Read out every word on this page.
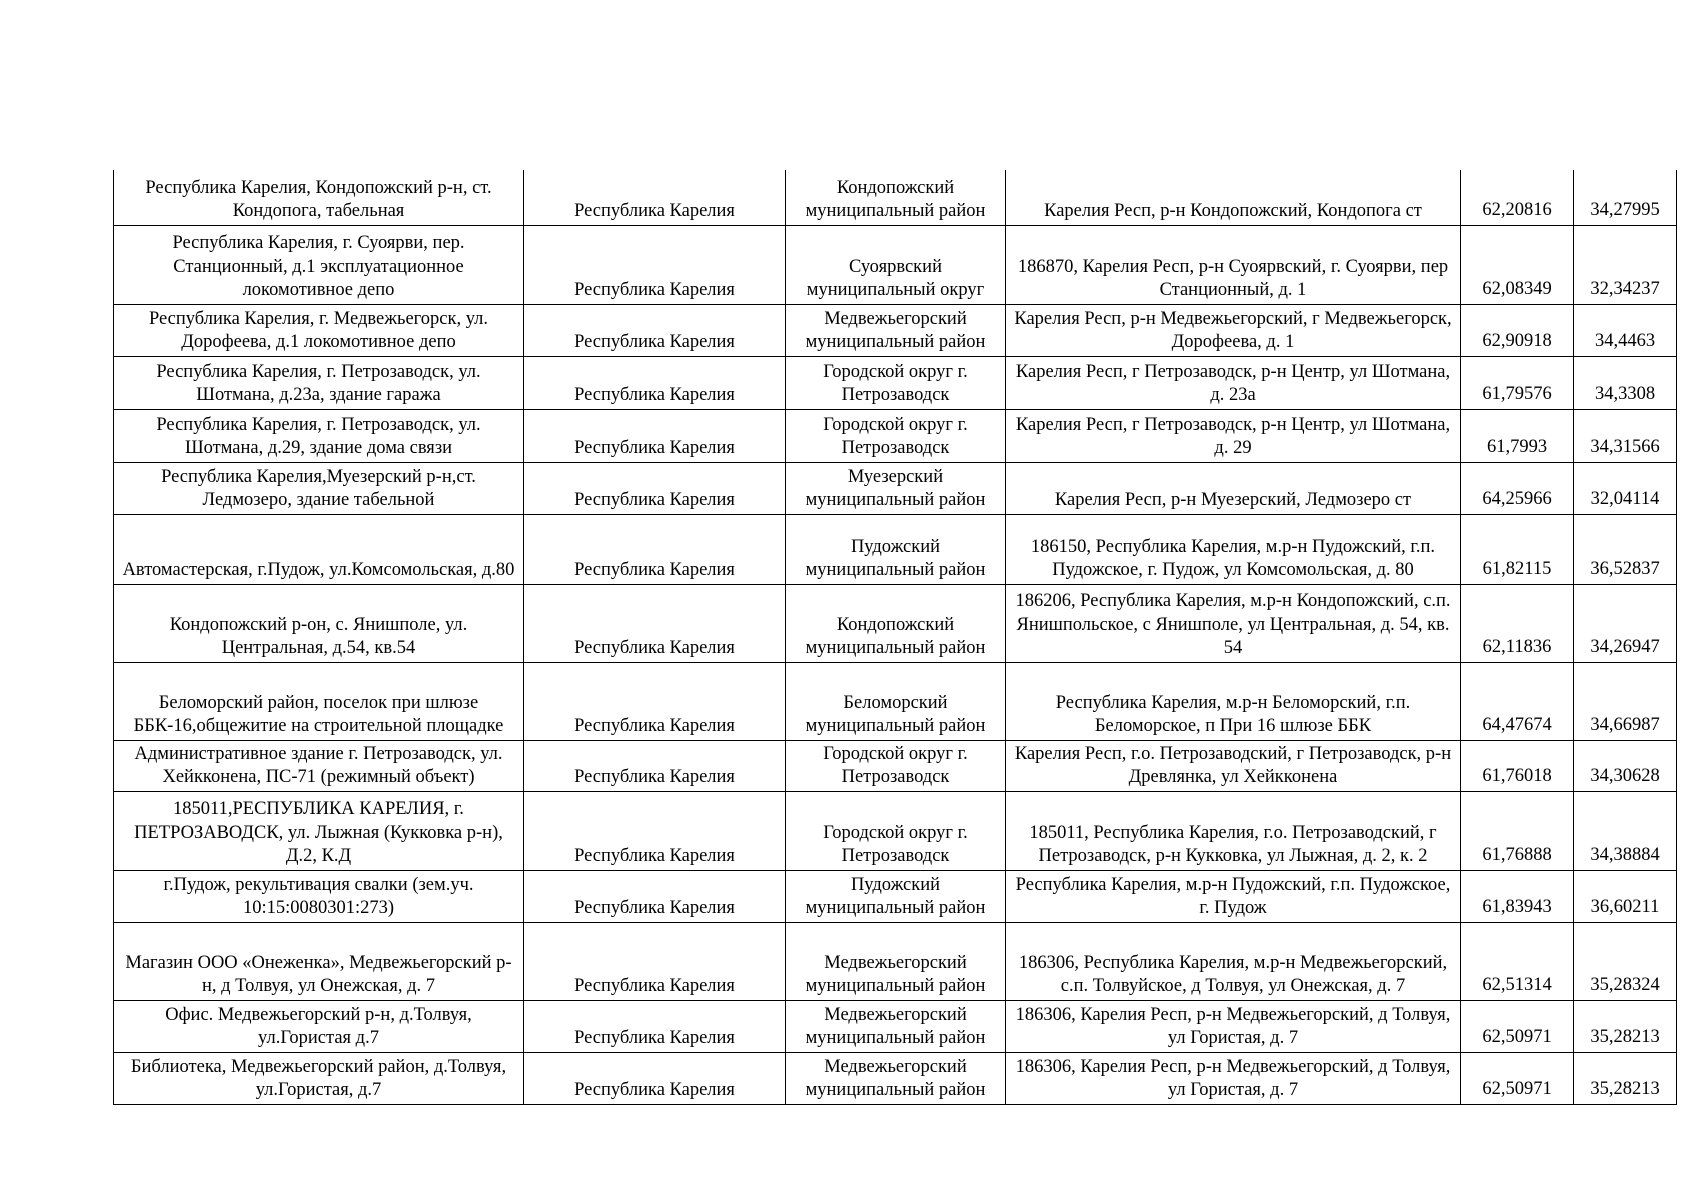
Республика Карелия, Кондопожский р-н, ст. Кондопога, табельная	Республика Карелия	Кондопожский муниципальный район	Карелия Респ, р-н Кондопожский, Кондопога ст	62,20816	34,27995
Республика Карелия, г. Суоярви, пер. Станционный, д.1 эксплуатационное локомотивное депо	Республика Карелия	Суоярвский муниципальный округ	186870, Карелия Респ, р-н Суоярвский, г. Суоярви, пер Станционный, д. 1	62,08349	32,34237
Республика Карелия, г. Медвежьегорск, ул. Дорофеева, д.1 локомотивное депо	Республика Карелия	Медвежьегорский муниципальный район	Карелия Респ, р-н Медвежьегорский, г Медвежьегорск, Дорофеева, д. 1	62,90918	34,4463
Республика Карелия, г. Петрозаводск, ул. Шотмана, д.23а, здание гаража	Республика Карелия	Городской округ г. Петрозаводск	Карелия Респ, г Петрозаводск, р-н Центр, ул Шотмана, д. 23а	61,79576	34,3308
Республика Карелия, г. Петрозаводск, ул. Шотмана, д.29, здание дома связи	Республика Карелия	Городской округ г. Петрозаводск	Карелия Респ, г Петрозаводск, р-н Центр, ул Шотмана, д. 29	61,7993	34,31566
Республика Карелия,Муезерский р-н,ст. Ледмозеро, здание табельной	Республика Карелия	Муезерский муниципальный район	Карелия Респ, р-н Муезерский, Ледмозеро ст	64,25966	32,04114
Автомастерская, г.Пудож, ул.Комсомольская, д.80	Республика Карелия	Пудожский муниципальный район	186150, Республика Карелия, м.р-н Пудожский, г.п. Пудожское, г. Пудож, ул Комсомольская, д. 80	61,82115	36,52837
Кондопожский р-он, с. Янишполе, ул. Центральная, д.54, кв.54	Республика Карелия	Кондопожский муниципальный район	186206, Республика Карелия, м.р-н Кондопожский, с.п. Янишпольское, с Янишполе, ул Центральная, д. 54, кв. 54	62,11836	34,26947
Беломорский район, поселок при шлюзе ББК-16,общежитие на строительной площадке	Республика Карелия	Беломорский муниципальный район	Республика Карелия, м.р-н Беломорский, г.п. Беломорское, п При 16 шлюзе ББК	64,47674	34,66987
Административное здание г. Петрозаводск, ул. Хейкконена, ПС-71 (режимный объект)	Республика Карелия	Городской округ г. Петрозаводск	Карелия Респ, г.о. Петрозаводский, г Петрозаводск, р-н Древлянка, ул Хейкконена	61,76018	34,30628
185011,РЕСПУБЛИКА КАРЕЛИЯ, г. ПЕТРОЗАВОДСК, ул. Лыжная (Кукковка р-н), Д.2, К.Д	Республика Карелия	Городской округ г. Петрозаводск	185011, Республика Карелия, г.о. Петрозаводский, г Петрозаводск, р-н Кукковка, ул Лыжная, д. 2, к. 2	61,76888	34,38884
г.Пудож, рекультивация свалки (зем.уч. 10:15:0080301:273)	Республика Карелия	Пудожский муниципальный район	Республика Карелия, м.р-н Пудожский, г.п. Пудожское, г. Пудож	61,83943	36,60211
Магазин ООО «Онеженка», Медвежьегорский р-н, д Толвуя, ул Онежская, д. 7	Республика Карелия	Медвежьегорский муниципальный район	186306, Республика Карелия, м.р-н Медвежьегорский, с.п. Толвуйское, д Толвуя, ул Онежская, д. 7	62,51314	35,28324
Офис. Медвежьегорский р-н, д.Толвуя, ул.Гористая д.7	Республика Карелия	Медвежьегорский муниципальный район	186306, Карелия Респ, р-н Медвежьегорский, д Толвуя, ул Гористая, д. 7	62,50971	35,28213
Библиотека, Медвежьегорский район, д.Толвуя, ул.Гористая, д.7	Республика Карелия	Медвежьегорский муниципальный район	186306, Карелия Респ, р-н Медвежьегорский, д Толвуя, ул Гористая, д. 7	62,50971	35,28213
